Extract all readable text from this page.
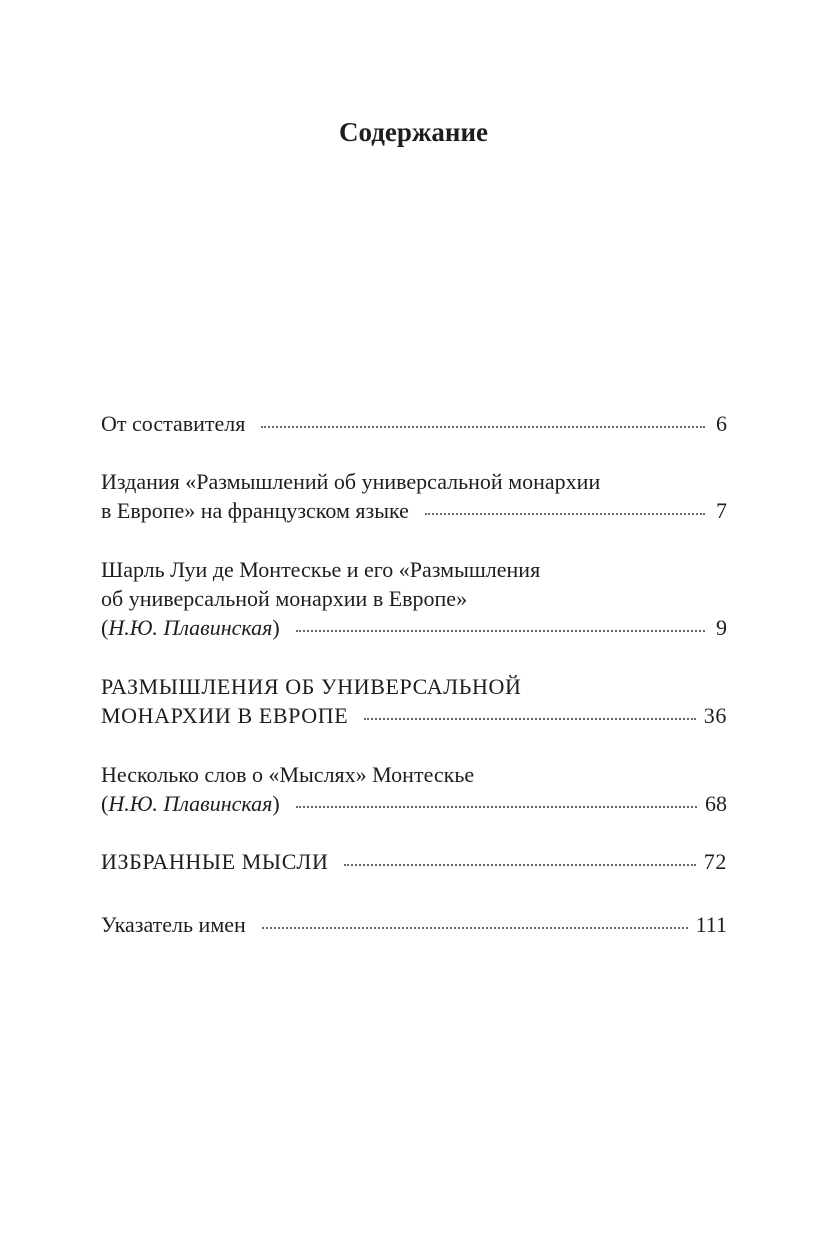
Содержание
От составителя	6
Издания «Размышлений об универсальной монархии
в Европе» на французском языке	7
Шарль Луи де Монтескье и его «Размышления
об универсальной монархии в Европе»
(Н.Ю. Плавинская)	9
РАЗМЫШЛЕНИЯ ОБ УНИВЕРСАЛЬНОЙ
МОНАРХИИ В ЕВРОПЕ	36
Несколько слов о «Мыслях» Монтескье
(Н.Ю. Плавинская)	68
ИЗБРАННЫЕ МЫСЛИ	72
Указатель имен	111
